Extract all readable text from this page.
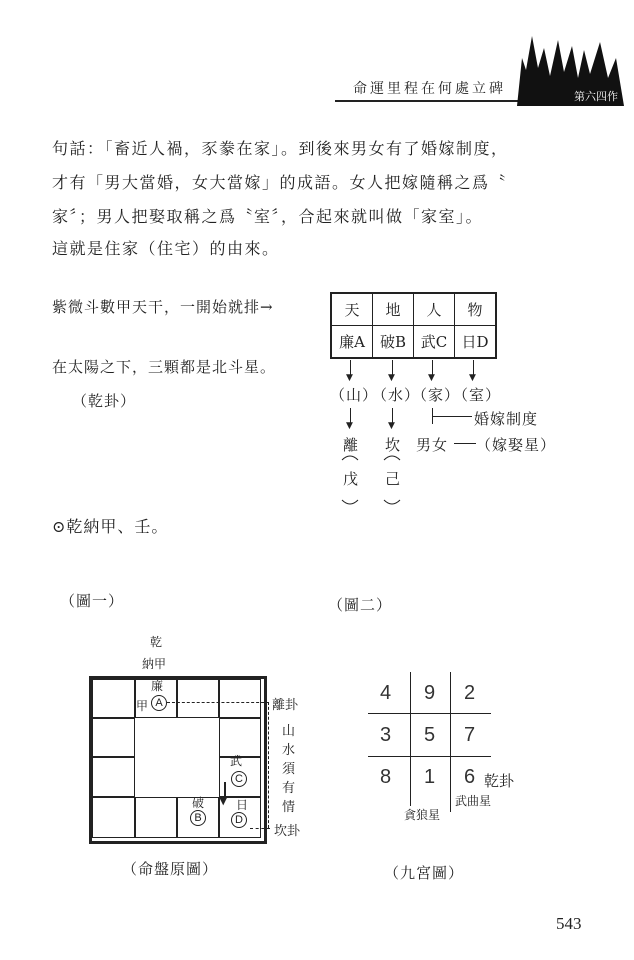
命運里程在何處立碑	第六四作

句話：「畜近人禍，豕豢在家」。到後來男女有了婚嫁制度，

才有「男大當婚，女大當嫁」的成語。女人把嫁隨稱之爲〝

家〞；男人把娶取稱之爲〝室〞，合起來就叫做「家室」。

這就是住家（住宅）的由來。

紫微斗數甲天干，一開始就排→
在太陽之下，三顆都是北斗星。
（乾卦）
天	地	人	物
廉A	破B	武C	日D
▼	▼	▼	▼
（山）
（水）
（家）
（室）
▼	▼	婚嫁制度
離 坎 男女 （嫁娶星）
戊 己
⊙乾納甲、壬。
（圖一）	（圖二）
乾
納甲
廉
甲 A
武
C
破
B
日
D
▼
離卦
坎卦
山水須有情
（命盤原圖）
4 9 2
3 5 7
8 1 6 乾卦
武曲星
貪狼星
（九宮圖）
543
